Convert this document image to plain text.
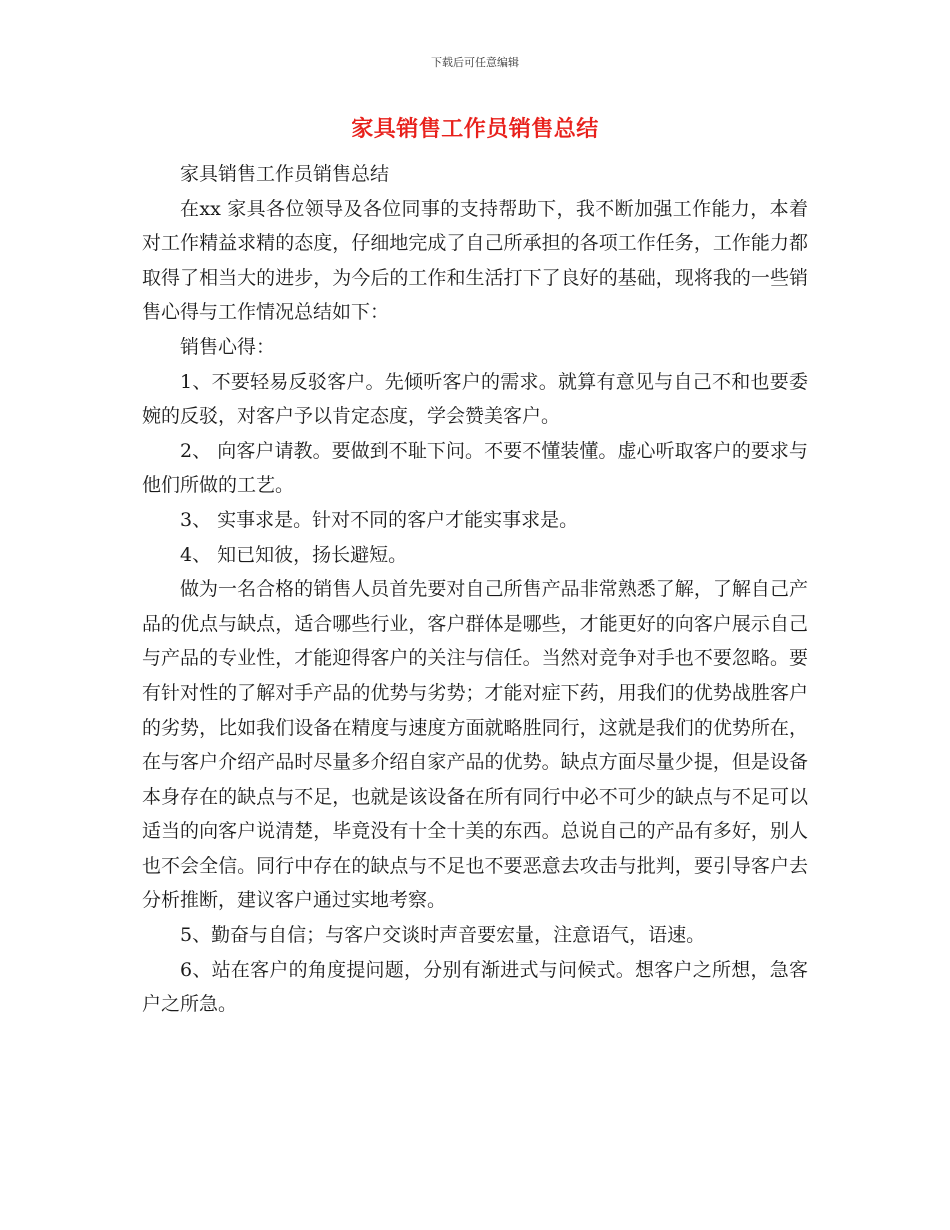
下载后可任意编辑
家具销售工作员销售总结

家具销售工作员销售总结

在xx 家具各位领导及各位同事的支持帮助下，我不断加强工作能力，本着对工作精益求精的态度，仔细地完成了自己所承担的各项工作任务，工作能力都取得了相当大的进步，为今后的工作和生活打下了良好的基础，现将我的一些销售心得与工作情况总结如下：

销售心得：

1、不要轻易反驳客户。先倾听客户的需求。就算有意见与自己不和也要委婉的反驳，对客户予以肯定态度，学会赞美客户。

2、 向客户请教。要做到不耻下问。不要不懂装懂。虚心听取客户的要求与他们所做的工艺。

3、 实事求是。针对不同的客户才能实事求是。

4、 知已知彼，扬长避短。

做为一名合格的销售人员首先要对自己所售产品非常熟悉了解，了解自己产品的优点与缺点，适合哪些行业，客户群体是哪些，才能更好的向客户展示自己与产品的专业性，才能迎得客户的关注与信任。当然对竞争对手也不要忽略。要有针对性的了解对手产品的优势与劣势；才能对症下药，用我们的优势战胜客户的劣势，比如我们设备在精度与速度方面就略胜同行，这就是我们的优势所在，在与客户介绍产品时尽量多介绍自家产品的优势。缺点方面尽量少提，但是设备本身存在的缺点与不足，也就是该设备在所有同行中必不可少的缺点与不足可以适当的向客户说清楚，毕竟没有十全十美的东西。总说自己的产品有多好，别人也不会全信。同行中存在的缺点与不足也不要恶意去攻击与批判，要引导客户去分析推断，建议客户通过实地考察。

5、勤奋与自信；与客户交谈时声音要宏量，注意语气，语速。

6、站在客户的角度提问题，分别有渐进式与问候式。想客户之所想，急客户之所急。
